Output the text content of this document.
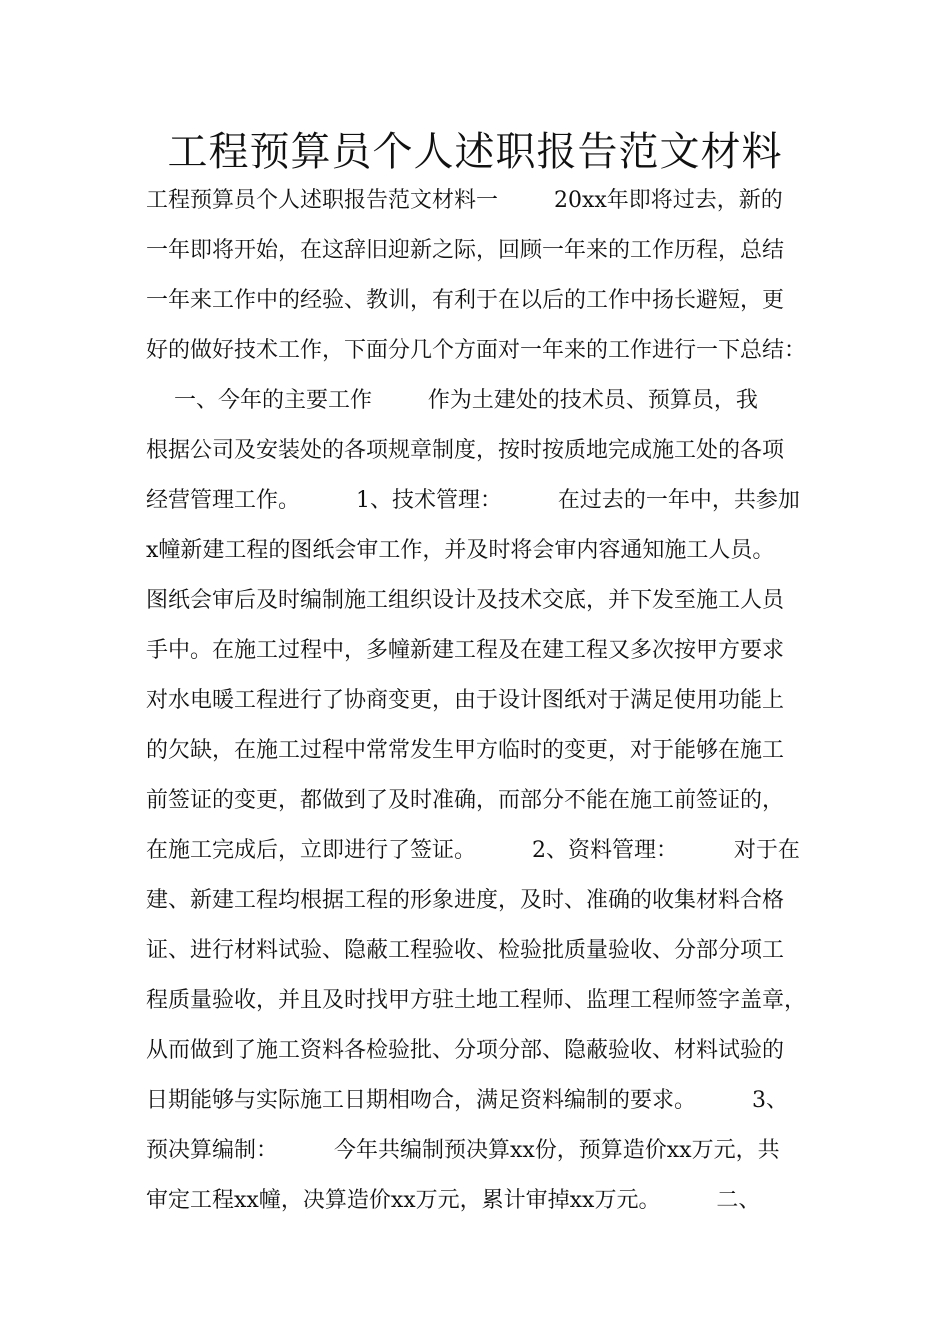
工程预算员个人述职报告范文材料
工程预算员个人述职报告范文材料一        20xx年即将过去，新的
一年即将开始，在这辞旧迎新之际，回顾一年来的工作历程，总结
一年来工作中的经验、教训，有利于在以后的工作中扬长避短，更
好的做好技术工作，下面分几个方面对一年来的工作进行一下总结：
一、今年的主要工作        作为土建处的技术员、预算员，我
根据公司及安装处的各项规章制度，按时按质地完成施工处的各项
经营管理工作。        1、技术管理：        在过去的一年中，共参加
x幢新建工程的图纸会审工作，并及时将会审内容通知施工人员。
图纸会审后及时编制施工组织设计及技术交底，并下发至施工人员
手中。在施工过程中，多幢新建工程及在建工程又多次按甲方要求
对水电暖工程进行了协商变更，由于设计图纸对于满足使用功能上
的欠缺，在施工过程中常常发生甲方临时的变更，对于能够在施工
前签证的变更，都做到了及时准确，而部分不能在施工前签证的，
在施工完成后，立即进行了签证。        2、资料管理：        对于在
建、新建工程均根据工程的形象进度，及时、准确的收集材料合格
证、进行材料试验、隐蔽工程验收、检验批质量验收、分部分项工
程质量验收，并且及时找甲方驻土地工程师、监理工程师签字盖章，
从而做到了施工资料各检验批、分项分部、隐蔽验收、材料试验的
日期能够与实际施工日期相吻合，满足资料编制的要求。        3、
预决算编制：        今年共编制预决算xx份，预算造价xx万元，共
审定工程xx幢，决算造价xx万元，累计审掉xx万元。        二、
